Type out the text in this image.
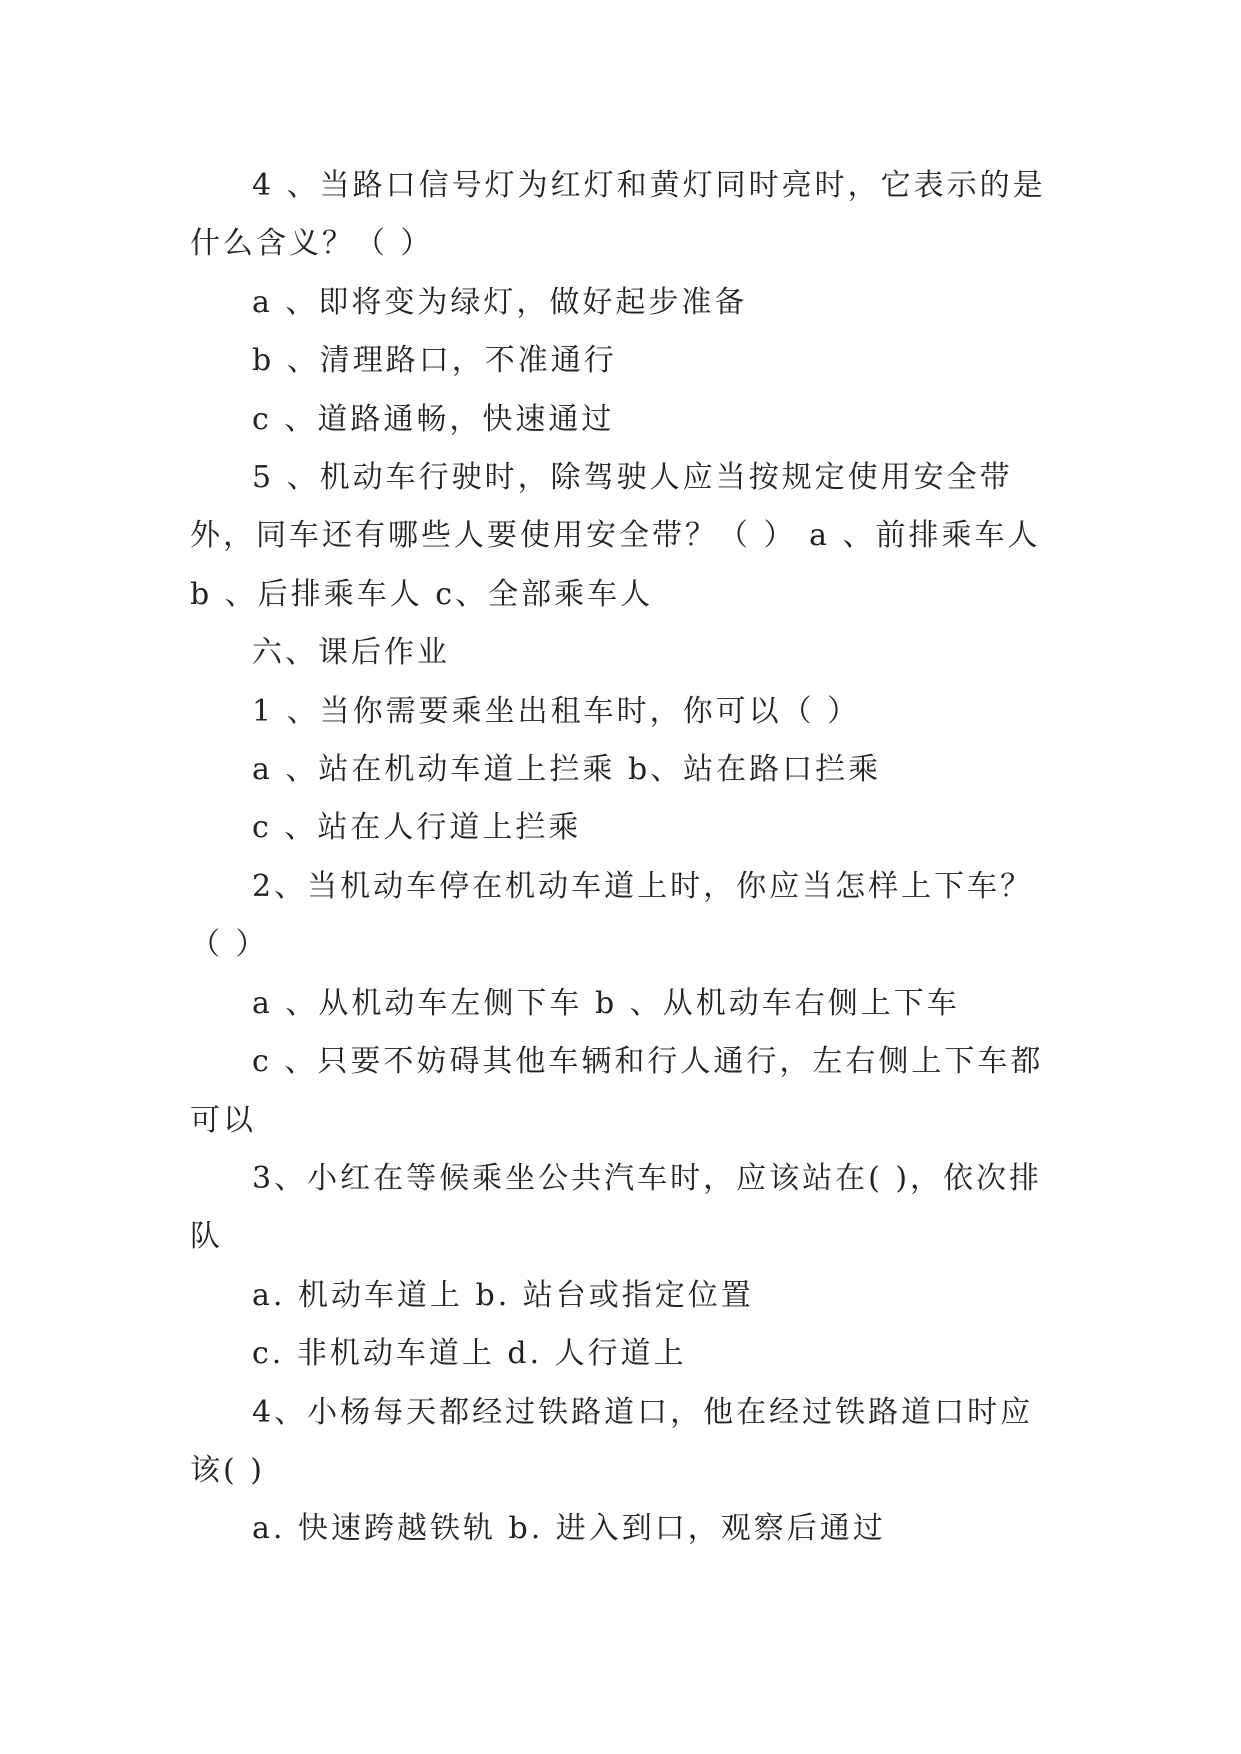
4 、当路口信号灯为红灯和黄灯同时亮时，它表示的是什么含义？（ ）

a 、即将变为绿灯，做好起步准备

b 、清理路口，不准通行

c 、道路通畅，快速通过

5 、机动车行驶时，除驾驶人应当按规定使用安全带外，同车还有哪些人要使用安全带？（ ） a 、前排乘车人 b 、后排乘车人 c、全部乘车人

六、课后作业

1 、当你需要乘坐出租车时，你可以（ ）

a 、站在机动车道上拦乘 b、站在路口拦乘

c 、站在人行道上拦乘

2、当机动车停在机动车道上时，你应当怎样上下车？（ ）

a 、从机动车左侧下车 b 、从机动车右侧上下车

c 、只要不妨碍其他车辆和行人通行，左右侧上下车都可以

3、小红在等候乘坐公共汽车时，应该站在( )，依次排队

a. 机动车道上 b. 站台或指定位置

c. 非机动车道上 d. 人行道上

4、小杨每天都经过铁路道口，他在经过铁路道口时应该( )

a. 快速跨越铁轨 b. 进入到口，观察后通过
